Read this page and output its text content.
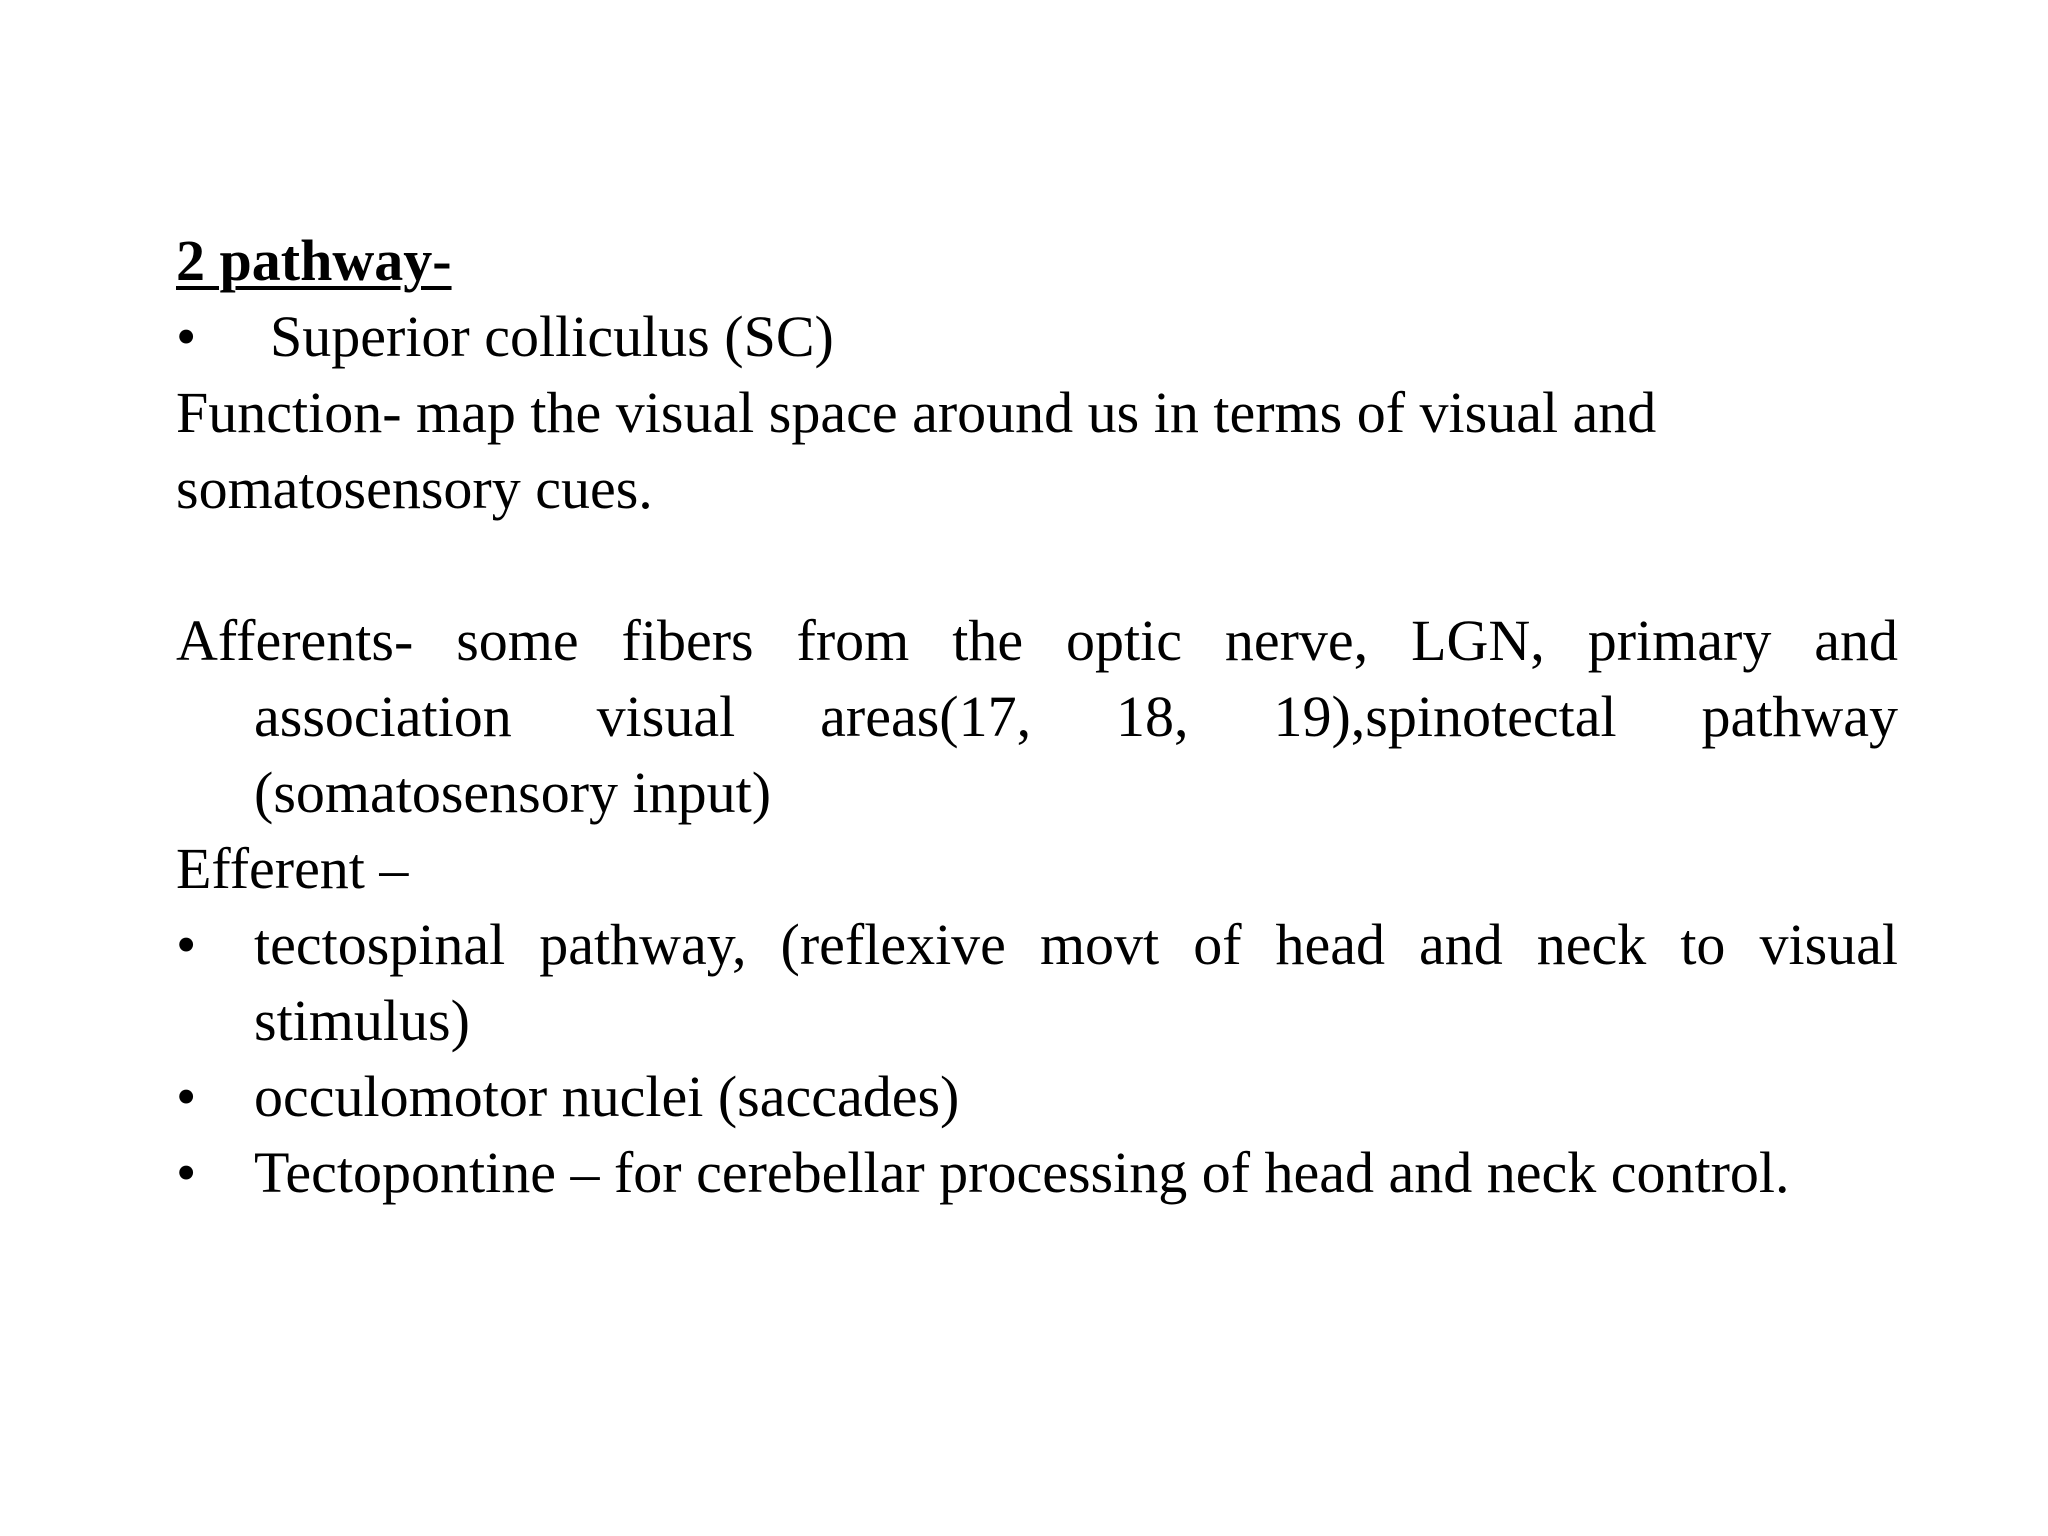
2 pathway-
•	Superior colliculus (SC)
Function- map the visual space around us in terms of visual and somatosensory cues.
Afferents- some fibers from the optic nerve, LGN, primary and association visual areas(17, 18, 19),spinotectal pathway (somatosensory input)
Efferent –
• tectospinal pathway, (reflexive movt of head and neck to visual stimulus)
• occulomotor nuclei (saccades)
• Tectopontine – for cerebellar processing of head and neck control.
